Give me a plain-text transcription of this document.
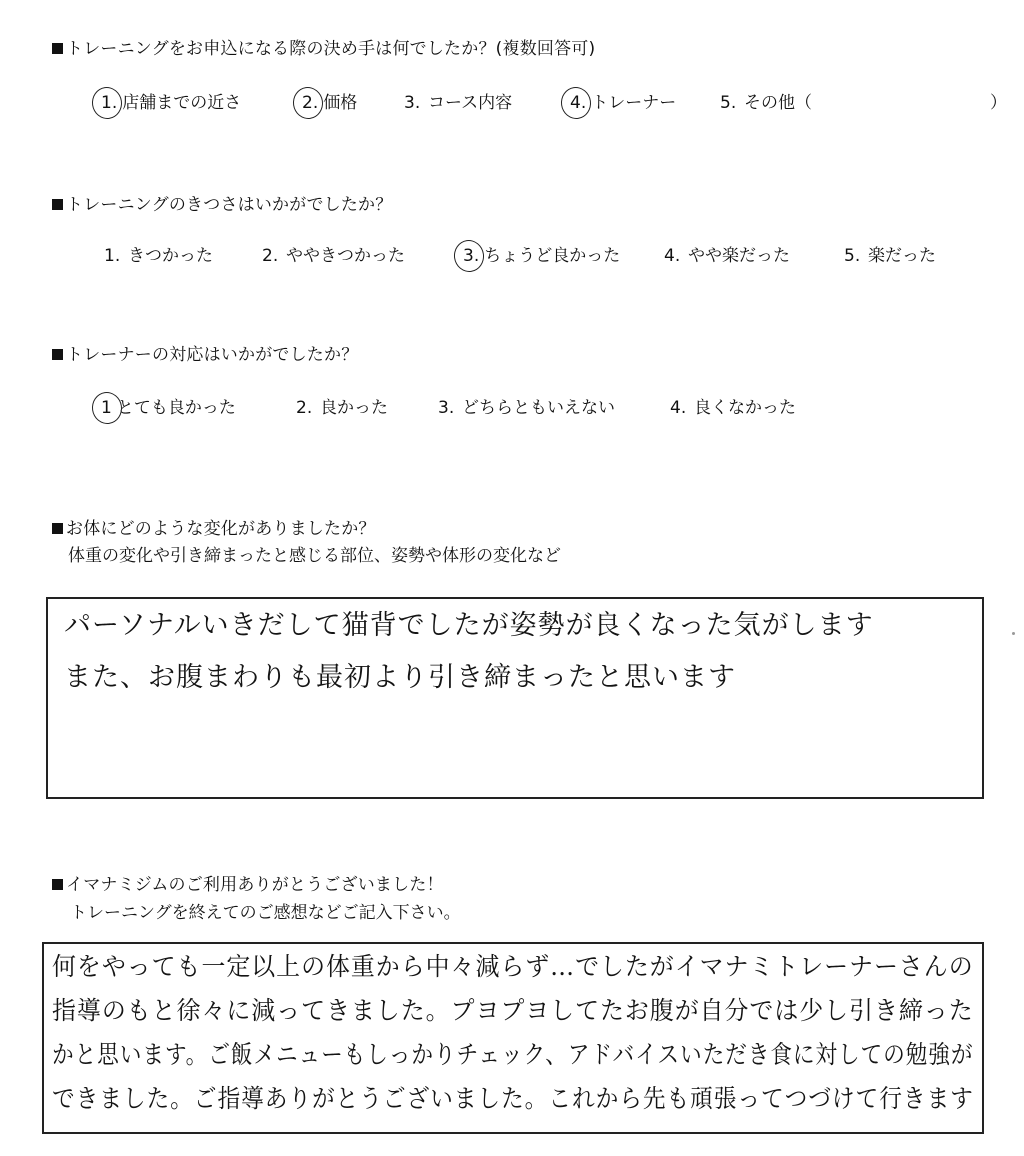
トレーニングをお申込になる際の決め手は何でしたか？(複数回答可)
1. 店舗までの近さ	2. 価格	3. コース内容	4. トレーナー	5. その他（	）
トレーニングのきつさはいかがでしたか？
1. きつかった	2. ややきつかった	3. ちょうど良かった	4. やや楽だった	5. 楽だった
トレーナーの対応はいかがでしたか？
1 とても良かった	2. 良かった	3. どちらともいえない	4. 良くなかった
お体にどのような変化がありましたか？
体重の変化や引き締まったと感じる部位、姿勢や体形の変化など
パーソナルいきだして猫背でしたが姿勢が良くなった気がします
また、お腹まわりも最初より引き締まったと思います
イマナミジムのご利用ありがとうございました！
トレーニングを終えてのご感想などご記入下さい。
何をやっても一定以上の体重から中々減らず…でしたがイマナミトレーナーさんの
指導のもと徐々に減ってきました。プヨプヨしてたお腹が自分では少し引き締った
かと思います。ご飯メニューもしっかりチェック、アドバイスいただき食に対しての勉強が
できました。ご指導ありがとうございました。これから先も頑張ってつづけて行きます
